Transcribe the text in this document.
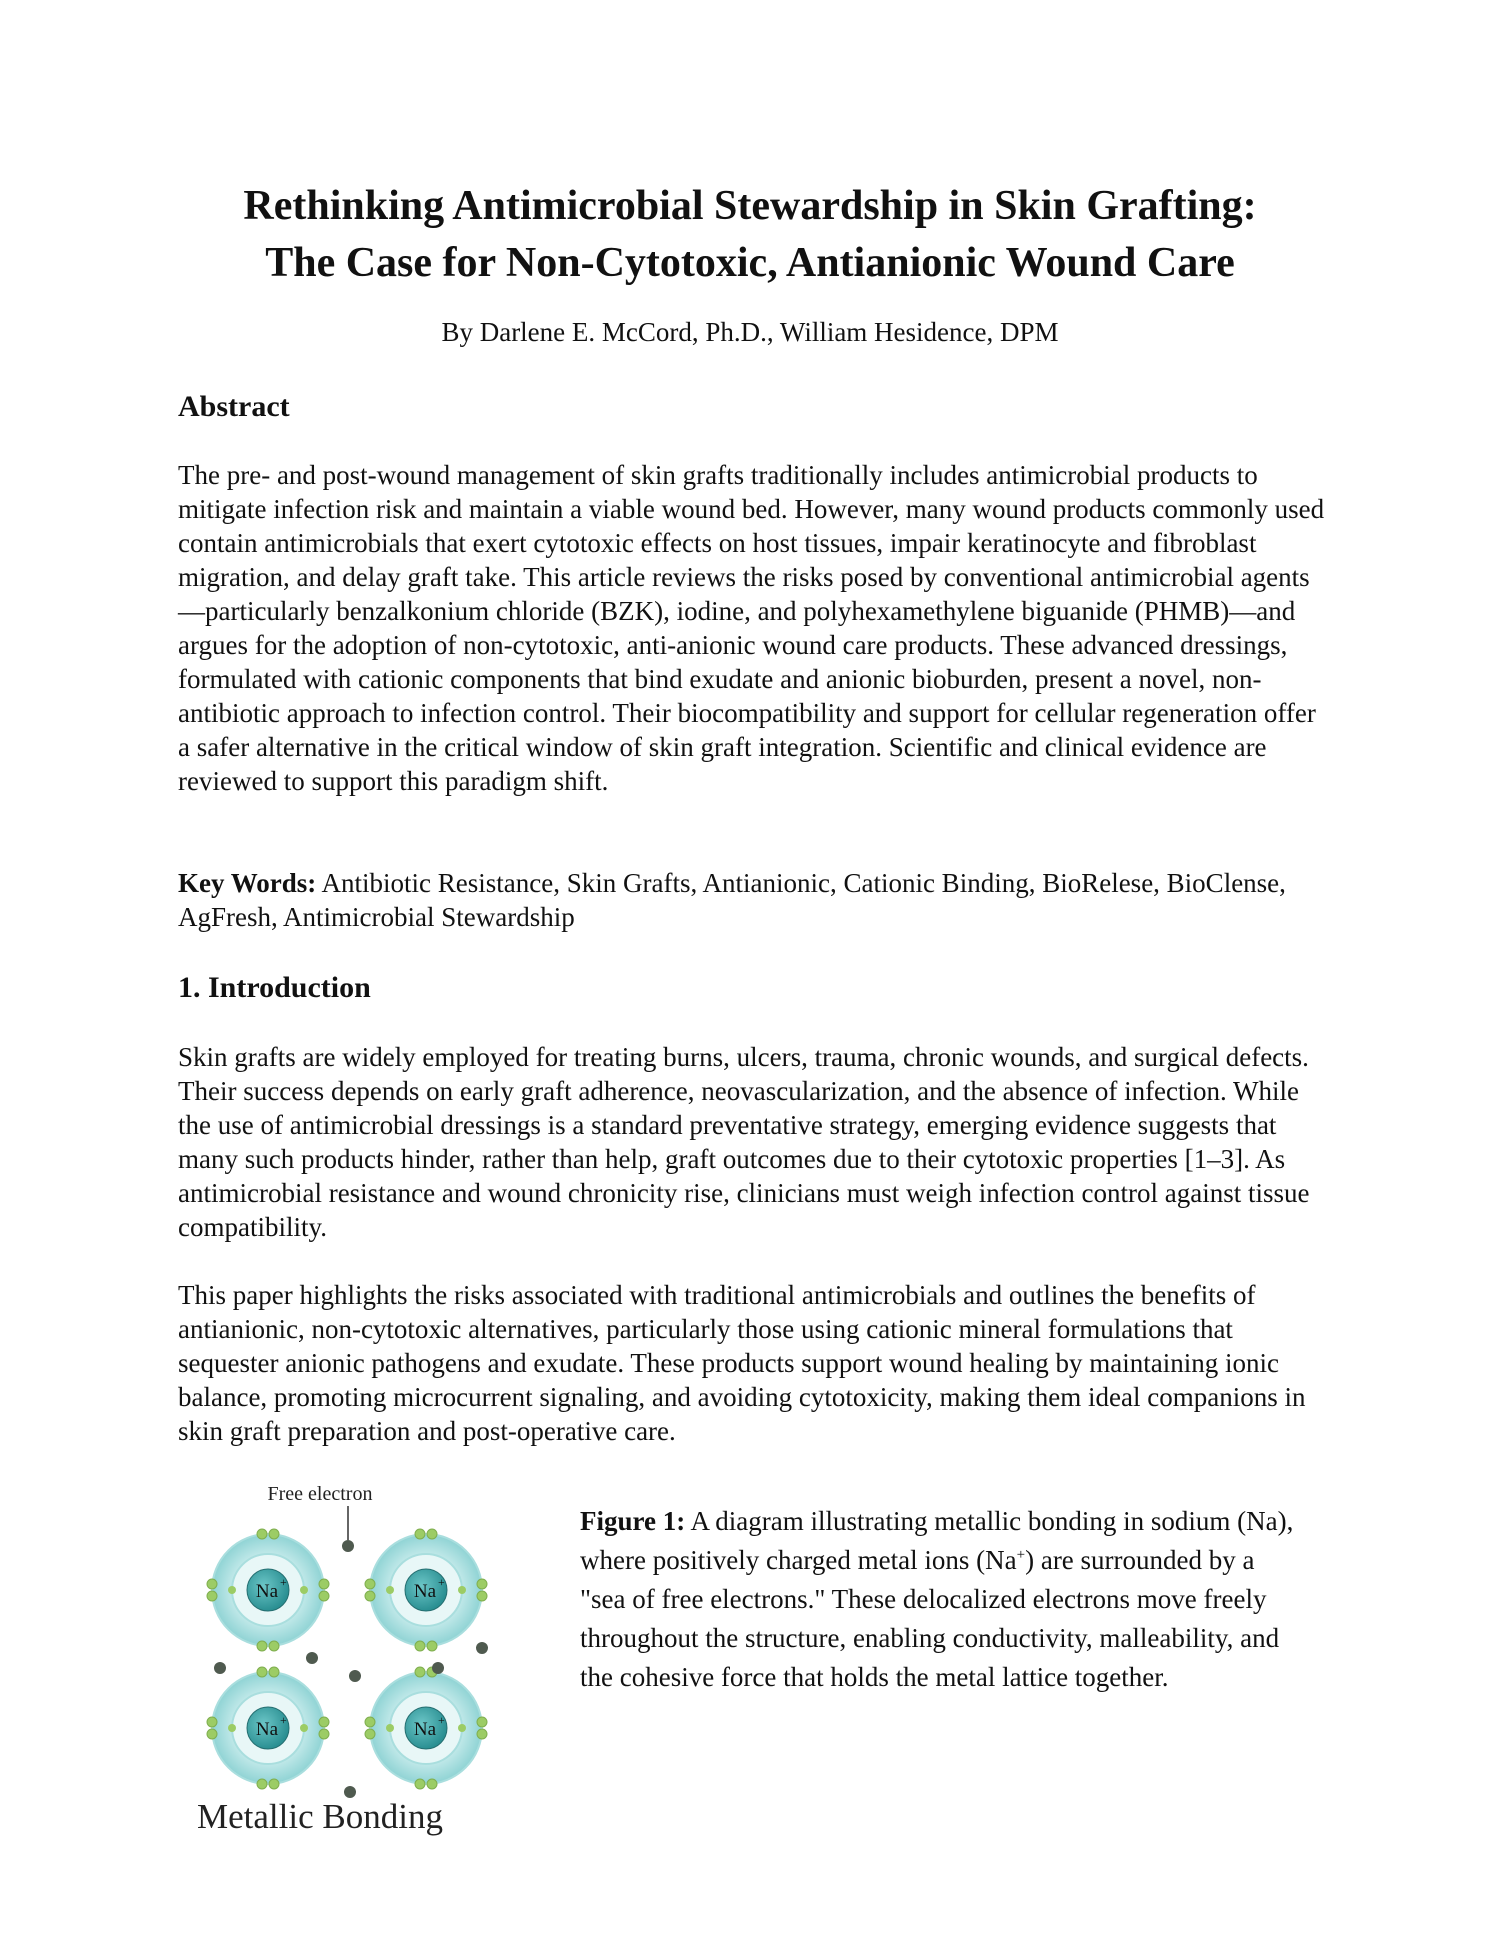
Rethinking Antimicrobial Stewardship in Skin Grafting:
The Case for Non-Cytotoxic, Antianionic Wound Care
By Darlene E. McCord, Ph.D., William Hesidence, DPM
Abstract

The pre- and post-wound management of skin grafts traditionally includes antimicrobial products to mitigate infection risk and maintain a viable wound bed. However, many wound products commonly used contain antimicrobials that exert cytotoxic effects on host tissues, impair keratinocyte and fibroblast migration, and delay graft take. This article reviews the risks posed by conventional antimicrobial agents—particularly benzalkonium chloride (BZK), iodine, and polyhexamethylene biguanide (PHMB)—and argues for the adoption of non-cytotoxic, anti-anionic wound care products. These advanced dressings, formulated with cationic components that bind exudate and anionic bioburden, present a novel, non-antibiotic approach to infection control. Their biocompatibility and support for cellular regeneration offer a safer alternative in the critical window of skin graft integration. Scientific and clinical evidence are reviewed to support this paradigm shift.

Key Words: Antibiotic Resistance, Skin Grafts, Antianionic, Cationic Binding, BioRelese, BioClense, AgFresh, Antimicrobial Stewardship

1. Introduction

Skin grafts are widely employed for treating burns, ulcers, trauma, chronic wounds, and surgical defects. Their success depends on early graft adherence, neovascularization, and the absence of infection. While the use of antimicrobial dressings is a standard preventative strategy, emerging evidence suggests that many such products hinder, rather than help, graft outcomes due to their cytotoxic properties [1–3]. As antimicrobial resistance and wound chronicity rise, clinicians must weigh infection control against tissue compatibility.

This paper highlights the risks associated with traditional antimicrobials and outlines the benefits of antianionic, non-cytotoxic alternatives, particularly those using cationic mineral formulations that sequester anionic pathogens and exudate. These products support wound healing by maintaining ionic balance, promoting microcurrent signaling, and avoiding cytotoxicity, making them ideal companions in skin graft preparation and post-operative care.

Free electron
Na +	Na +
Na +	Na +
Metallic Bonding

Figure 1: A diagram illustrating metallic bonding in sodium (Na), where positively charged metal ions (Na+) are surrounded by a "sea of free electrons." These delocalized electrons move freely throughout the structure, enabling conductivity, malleability, and the cohesive force that holds the metal lattice together.
